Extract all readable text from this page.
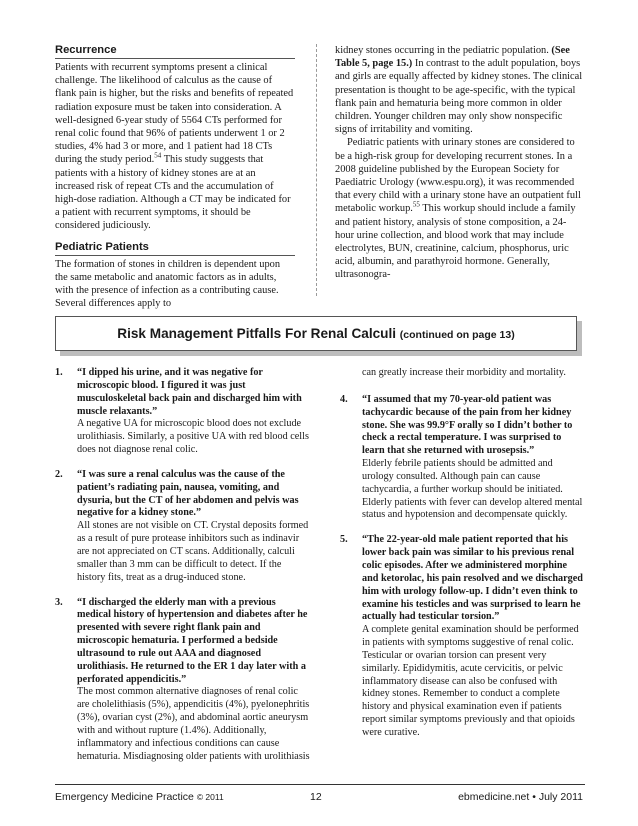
Recurrence

Patients with recurrent symptoms present a clinical challenge. The likelihood of calculus as the cause of flank pain is higher, but the risks and benefits of repeated radiation exposure must be taken into consideration. A well-designed 6-year study of 5564 CTs performed for renal colic found that 96% of patients underwent 1 or 2 studies, 4% had 3 or more, and 1 patient had 18 CTs during the study period.$^{54}$ This study suggests that patients with a history of kidney stones are at an increased risk of repeat CTs and the accumulation of high-dose radiation. Although a CT may be indicated for a patient with recurrent symptoms, it should be considered judiciously.

Pediatric Patients

The formation of stones in children is dependent upon the same metabolic and anatomic factors as in adults, with the presence of infection as a contributing cause. Several differences apply to

kidney stones occurring in the pediatric population. (See Table 5, page 15.) In contrast to the adult population, boys and girls are equally affected by kidney stones. The clinical presentation is thought to be age-specific, with the typical flank pain and hematuria being more common in older children. Younger children may only show nonspecific signs of irritability and vomiting.

Pediatric patients with urinary stones are considered to be a high-risk group for developing recurrent stones. In a 2008 guideline published by the European Society for Paediatric Urology (www.espu.org), it was recommended that every child with a urinary stone have an outpatient full metabolic workup.$^{55}$ This workup should include a family and patient history, analysis of stone composition, a 24-hour urine collection, and blood work that may include electrolytes, BUN, creatinine, calcium, phosphorus, uric acid, albumin, and parathyroid hormone. Generally, ultrasonogra-

Risk Management Pitfalls For Renal Calculi (continued on page 13)
1. “I dipped his urine, and it was negative for microscopic blood. I figured it was just musculoskeletal back pain and discharged him with muscle relaxants.”
A negative UA for microscopic blood does not exclude urolithiasis. Similarly, a positive UA with red blood cells does not diagnose renal colic.
2. “I was sure a renal calculus was the cause of the patient’s radiating pain, nausea, vomiting, and dysuria, but the CT of her abdomen and pelvis was negative for a kidney stone.”
All stones are not visible on CT. Crystal deposits formed as a result of pure protease inhibitors such as indinavir are not appreciated on CT scans. Additionally, calculi smaller than 3 mm can be difficult to detect. If the history fits, treat as a drug-induced stone.
3. “I discharged the elderly man with a previous medical history of hypertension and diabetes after he presented with severe right flank pain and microscopic hematuria. I performed a bedside ultrasound to rule out AAA and diagnosed urolithiasis. He returned to the ER 1 day later with a perforated appendicitis.”
The most common alternative diagnoses of renal colic are cholelithiasis (5%), appendicitis (4%), pyelonephritis (3%), ovarian cyst (2%), and abdominal aortic aneurysm with and without rupture (1.4%). Additionally, inflammatory and infectious conditions can cause hematuria. Misdiagnosing older patients with urolithiasis
can greatly increase their morbidity and mortality.
4. “I assumed that my 70-year-old patient was tachycardic because of the pain from her kidney stone. She was 99.9°F orally so I didn’t bother to check a rectal temperature. I was surprised to learn that she returned with urosepsis.”
Elderly febrile patients should be admitted and urology consulted. Although pain can cause tachycardia, a further workup should be initiated. Elderly patients with fever can develop altered mental status and hypotension and decompensate quickly.
5. “The 22-year-old male patient reported that his lower back pain was similar to his previous renal colic episodes. After we administered morphine and ketorolac, his pain resolved and we discharged him with urology follow-up. I didn’t even think to examine his testicles and was surprised to learn he actually had testicular torsion.”
A complete genital examination should be performed in patients with symptoms suggestive of renal colic. Testicular or ovarian torsion can present very similarly. Epididymitis, acute cervicitis, or pelvic inflammatory disease can also be confused with kidney stones. Remember to conduct a complete history and physical examination even if patients report similar symptoms previously and that opioids were curative.
Emergency Medicine Practice © 2011	12	ebmedicine.net • July 2011
